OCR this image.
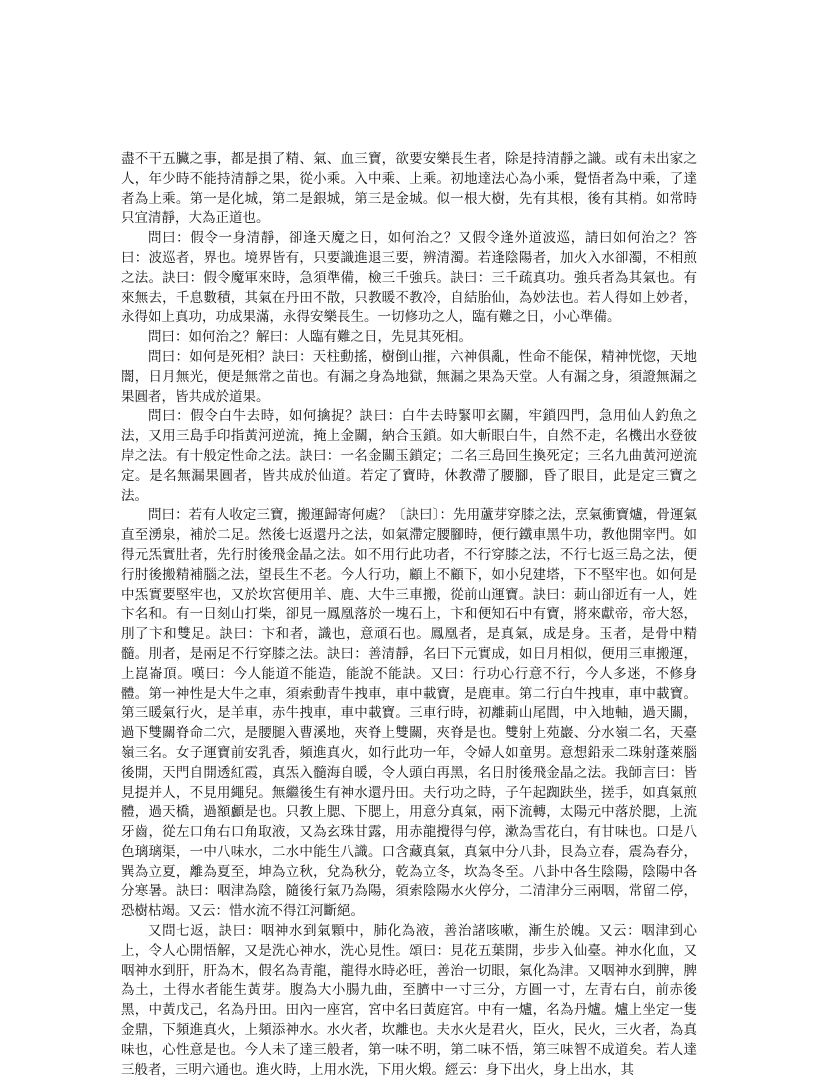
盡不干五臟之事，都是損了精、氣、血三寶，欲要安樂長生者，除是持清靜之識。或有未出家之人，年少時不能持清靜之果，從小乘。入中乘、上乘。初地達法心為小乘，覺悟者為中乘，了達者為上乘。第一是化城，第二是銀城，第三是金城。似一根大樹，先有其根，後有其梢。如常時只宜清靜，大為正道也。

問曰：假令一身清靜，卻逢天魔之日，如何治之？又假令逢外道波巡，請曰如何治之？答曰：波巡者，界也。境界皆有，只要識進退三要，辨清濁。若逢陰陽者，加火入水卻濁，不相煎之法。訣曰：假令魔軍來時，急須準備，檢三千強兵。訣曰：三千疏真功。強兵者為其氣也。有來無去，千息數積，其氣在丹田不散，只教暖不教冷，自結胎仙，為妙法也。若人得如上妙者，永得如上真功，功成果滿，永得安樂長生。一切修功之人，臨有難之日，小心準備。

問曰：如何治之？解曰：人臨有難之日，先見其死相。

問曰：如何是死相？訣曰：天柱動搖，樹倒山摧，六神俱亂，性命不能保，精神恍惚，天地闇，日月無光，便是無常之苗也。有漏之身為地獄，無漏之果為天堂。人有漏之身，須證無漏之果圓者，皆共成於道果。

問曰：假令白牛去時，如何擒捉？訣曰：白牛去時緊叩玄關，牢鎖四門，急用仙人釣魚之法，又用三島手印指黃河逆流，掩上金關，納合玉鎖。如大斬眼白牛，自然不走，名機出水登彼岸之法。有十般定性命之法。訣曰：一名金關玉鎖定；二名三島回生換死定；三名九曲黃河逆流定。是名無漏果圓者，皆共成於仙道。若定了寶時，休教滯了腰腳，昏了眼目，此是定三寶之法。

問曰：若有人收定三寶，搬運歸寄何處？〔訣曰〕：先用蘆芽穿膝之法，烹氣衝寶爐，骨運氣直至湧泉，補於二足。然後七返還丹之法，如氣滯定腰腳時，便行鐵車黑牛功，教他開宰門。如得元炁實肚者，先行肘後飛金晶之法。如不用行此功者，不行穿膝之法，不行七返三島之法，便行肘後搬精補腦之法，望長生不老。今人行功，顧上不顧下，如小兒建塔，下不堅牢也。如何是中炁實要堅牢也，又於坎宮便用羊、鹿、大牛三車搬，從前山運寶。訣曰：莿山卻近有一人，姓卞名和。有一日刻山打柴，卻見一鳳凰落於一塊石上，卞和便知石中有寶，將來獻帝，帝大怒，刖了卞和雙足。訣曰：卞和者，識也，意頑石也。鳳凰者，是真氣，成是身。玉者，是骨中精髓。刖者，是兩足不行穿膝之法。訣曰：善清靜，名曰下元實成，如日月相似，便用三車搬運，上崑崙頂。嘆曰：今人能道不能造，能說不能訣。又曰：行功心行意不行，今人多迷，不修身體。第一神性是大牛之車，須索動青牛拽車，車中載寶，是鹿車。第二行白牛拽車，車中載寶。第三暖氣行火，是羊車，赤牛拽車，車中載寶。三車行時，初離莿山尾閭，中入地軸，過天關，過下雙關脊命二穴，是腰腿入曹溪地，夾脊上雙關，夾脊是也。雙射上苑巖、分水嶺二名，天臺嶺三名。女子運寶前安乳香，頻進真火，如行此功一年，令婦人如童男。意想鉛汞二珠射蓬萊腦後開，天門自開透紅霞，真炁入髓海自暖，令人頭白再黑，名日肘後飛金晶之法。我師言曰：皆見提并人，不見用繩兒。無繼後生有神水還丹田。夫行功之時，子午起踟趺坐，搓手，如真氣煎體，過天橋，過額顱是也。只教上腮、下腮上，用意分真氣，兩下流轉，太陽元中落於腮，上流牙齒，從左口角右口角取液，又為玄珠甘露，用赤龍攪得勻停，漱為雪花白，有甘味也。口是八色璃璃渠，一中八味水，二水中能生八識。口含藏真氣，真氣中分八卦，艮為立春，震為春分，巽為立夏，離為夏至，坤為立秋，兌為秋分，乾為立冬，坎為冬至。八卦中各生陰陽，陰陽中各分寒暑。訣曰：咽津為陰，隨後行氣乃為陽，須索陰陽水火停分，二清津分三兩咽，常留二停，恐樹枯竭。又云：惜水流不得江河斷絕。

又問七返，訣曰：咽神水到氣顆中，肺化為液，善治諸咳嗽，漸生於魄。又云：咽津到心上，令人心開悟解，又是洗心神水，洗心見性。頌曰：見花五葉開，步步入仙臺。神水化血，又咽神水到肝，肝為木，假名為青龍，龍得水時必旺，善治一切眼，氣化為津。又咽神水到脾，脾為土，土得水者能生黃芽。腹為大小腸九曲，至臍中一寸三分，方圓一寸，左青右白，前赤後黑，中黃戊己，名為丹田。田內一座宮，宮中名曰黃庭宮。中有一爐，名為丹爐。爐上坐定一隻金鼎，下頻進真火，上頻添神水。水火者，坎離也。夫水火是君火，臣火，民火，三火者，為真味也，心性意是也。今人未了達三般者，第一味不明，第二味不悟，第三味智不成道矣。若人達三般者，三明六通也。進火時，上用水洗，下用火煅。經云：身下出火，身上出水，其
